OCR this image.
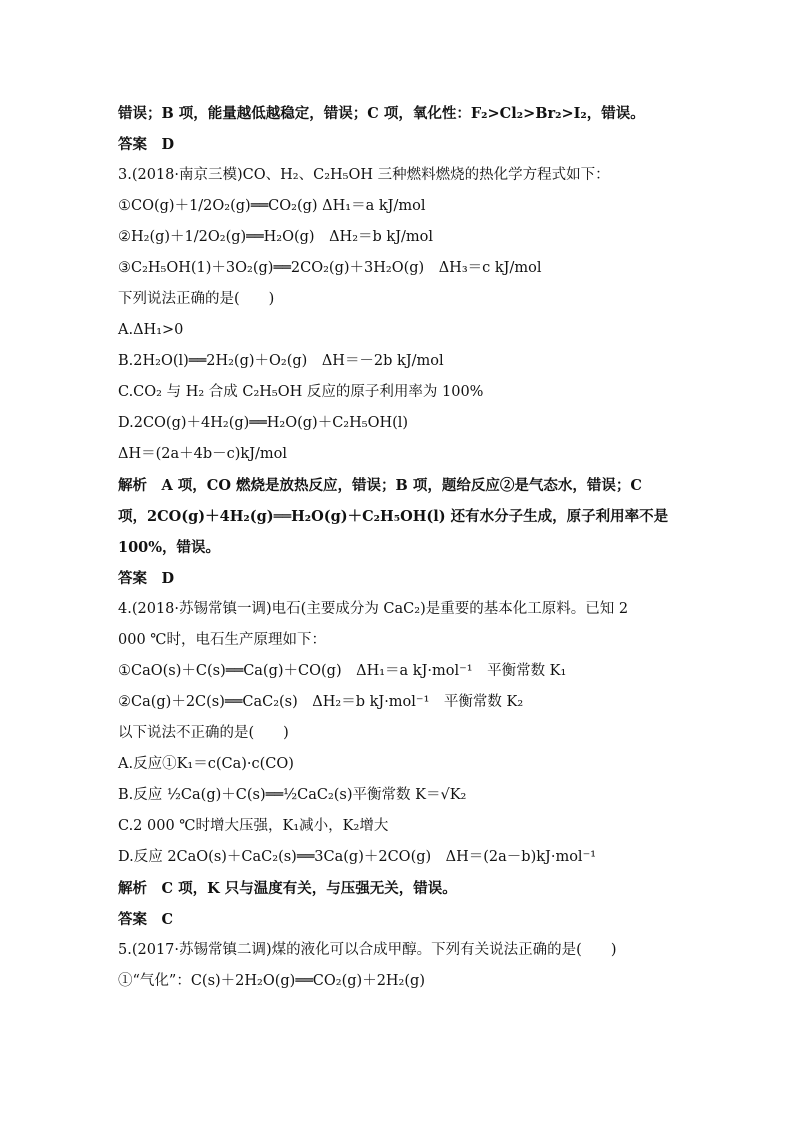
错误；B 项，能量越低越稳定，错误；C 项，氧化性：F₂>Cl₂>Br₂>I₂，错误。
答案　D
3.(2018·南京三模)CO、H₂、C₂H₅OH 三种燃料燃烧的热化学方程式如下：
①CO(g)＋1/2O₂(g)══CO₂(g) ΔH₁＝a kJ/mol
②H₂(g)＋1/2O₂(g)══H₂O(g)　ΔH₂＝b kJ/mol
③C₂H₅OH(1)＋3O₂(g)══2CO₂(g)＋3H₂O(g)　ΔH₃＝c kJ/mol
下列说法正确的是(　　)
A.ΔH₁>0
B.2H₂O(l)══2H₂(g)＋O₂(g)　ΔH＝－2b kJ/mol
C.CO₂ 与 H₂ 合成 C₂H₅OH 反应的原子利用率为 100%
D.2CO(g)＋4H₂(g)══H₂O(g)＋C₂H₅OH(l)
ΔH＝(2a＋4b－c)kJ/mol
解析　A 项，CO 燃烧是放热反应，错误；B 项，题给反应②是气态水，错误；C
项，2CO(g)＋4H₂(g)══H₂O(g)＋C₂H₅OH(l) 还有水分子生成，原子利用率不是
100%，错误。
答案　D
4.(2018·苏锡常镇一调)电石(主要成分为 CaC₂)是重要的基本化工原料。已知 2
000 ℃时，电石生产原理如下：
①CaO(s)＋C(s)══Ca(g)＋CO(g)　ΔH₁＝a kJ·mol⁻¹　平衡常数 K₁
②Ca(g)＋2C(s)══CaC₂(s)　ΔH₂＝b kJ·mol⁻¹　平衡常数 K₂
以下说法不正确的是(　　)
A.反应①K₁＝c(Ca)·c(CO)
B.反应 ½Ca(g)＋C(s)══½CaC₂(s)平衡常数 K＝√K₂
C.2 000 ℃时增大压强，K₁减小，K₂增大
D.反应 2CaO(s)＋CaC₂(s)══3Ca(g)＋2CO(g)　ΔH＝(2a－b)kJ·mol⁻¹
解析　C 项，K 只与温度有关，与压强无关，错误。
答案　C
5.(2017·苏锡常镇二调)煤的液化可以合成甲醇。下列有关说法正确的是(　　)
①“气化”：C(s)＋2H₂O(g)══CO₂(g)＋2H₂(g)
